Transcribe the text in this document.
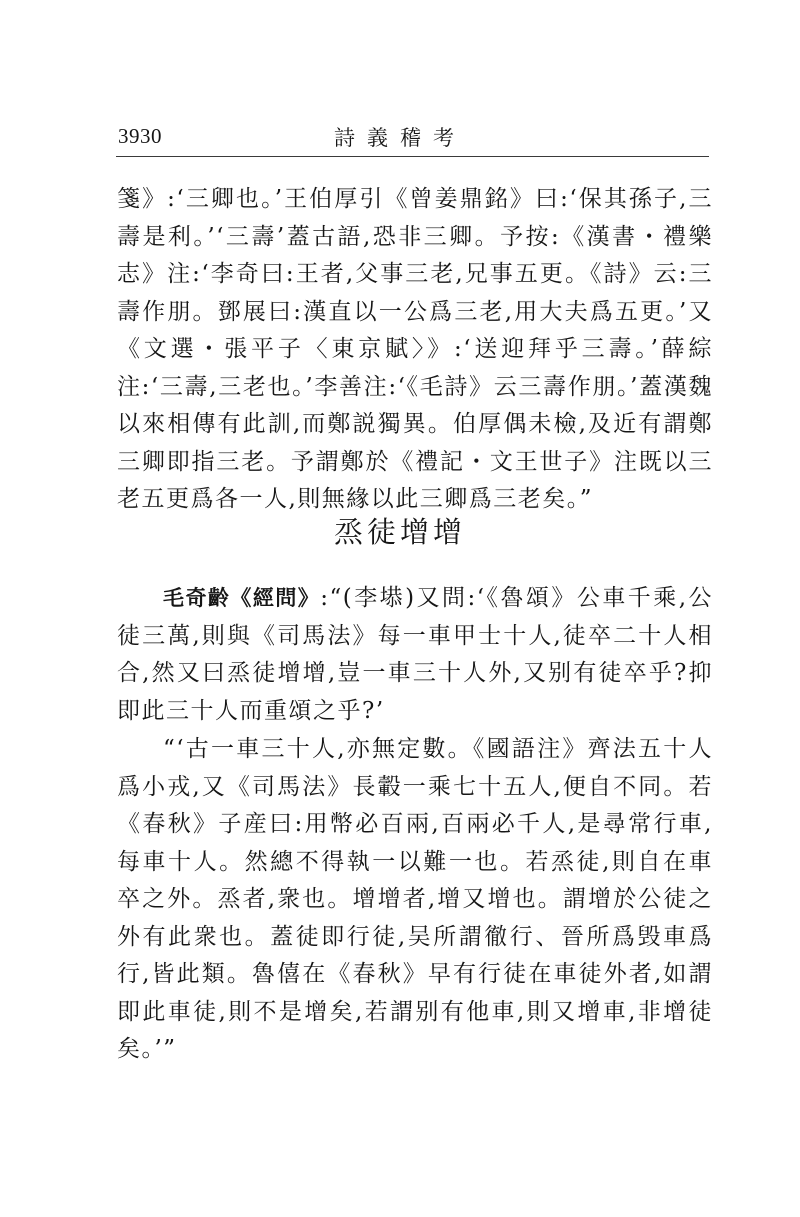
3930	詩義稽考

箋》:‘三卿也。’王伯厚引《曾姜鼎銘》曰:‘保其孫子,三壽是利。’‘三壽’蓋古語,恐非三卿。予按:《漢書・禮樂志》注:‘李奇曰:王者,父事三老,兄事五更。《詩》云:三壽作朋。鄧展曰:漢直以一公爲三老,用大夫爲五更。’又《文選・張平子〈東京賦〉》:‘送迎拜乎三壽。’薛綜注:‘三壽,三老也。’李善注:‘《毛詩》云三壽作朋。’蓋漢魏以來相傳有此訓,而鄭説獨異。伯厚偶未檢,及近有謂鄭三卿即指三老。予謂鄭於《禮記・文王世子》注既以三老五更爲各一人,則無緣以此三卿爲三老矣。”

烝徒增增

毛奇齡《經問》:“(李塨)又問:‘《魯頌》公車千乘,公徒三萬,則與《司馬法》每一車甲士十人,徒卒二十人相合,然又曰烝徒增增,豈一車三十人外,又别有徒卒乎?抑即此三十人而重頌之乎?’

“‘古一車三十人,亦無定數。《國語注》齊法五十人爲小戎,又《司馬法》長轂一乘七十五人,便自不同。若《春秋》子産曰:用幣必百兩,百兩必千人,是尋常行車,每車十人。然總不得執一以難一也。若烝徒,則自在車卒之外。烝者,衆也。增增者,增又增也。謂增於公徒之外有此衆也。蓋徒即行徒,吴所謂徹行、晉所爲毁車爲行,皆此類。魯僖在《春秋》早有行徒在車徒外者,如謂即此車徒,則不是增矣,若謂别有他車,則又增車,非增徒矣。’”
